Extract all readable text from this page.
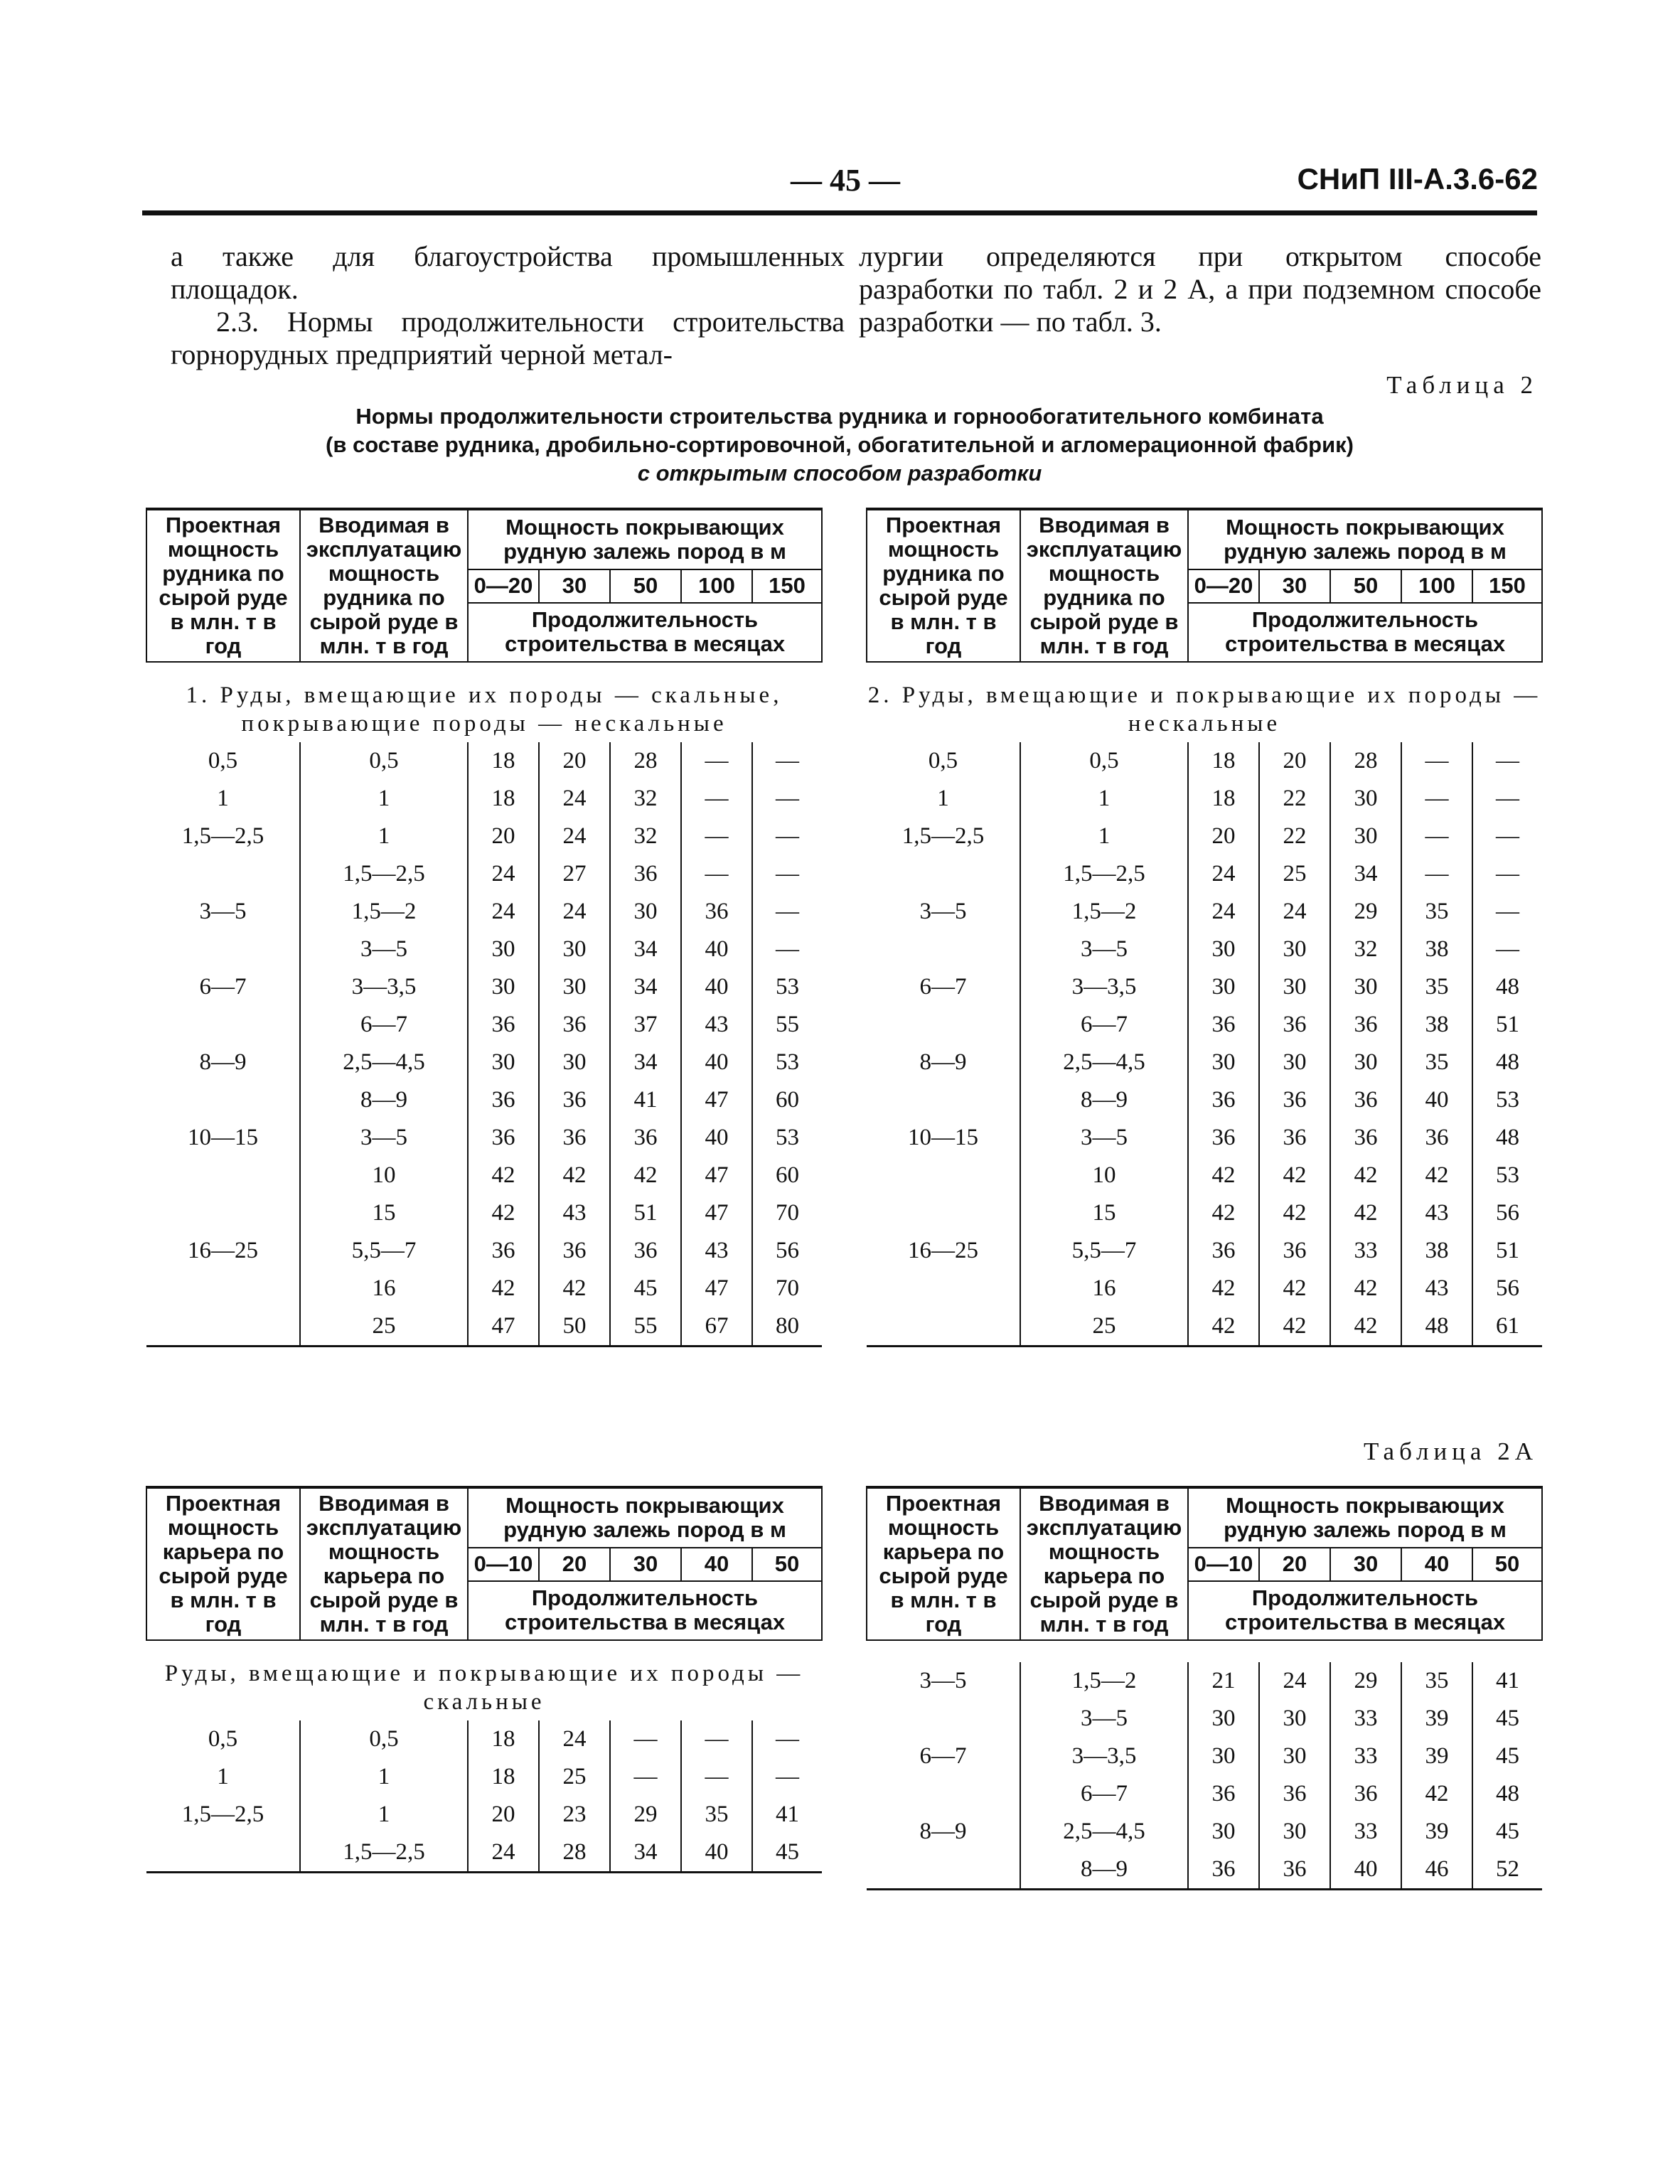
— 45 —	СНиП III-А.3.6-62

а также для благоустройства промышленных площадок.

2.3. Нормы продолжительности строительства горнорудных предприятий черной метал-

лургии определяются при открытом способе разработки по табл. 2 и 2 А, а при подземном способе разработки — по табл. 3.

Таблица 2
Нормы продолжительности строительства рудника и горнообогатительного комбината
(в составе рудника, дробильно-сортировочной, обогатительной и агломерационной фабрик)
с открытым способом разработки
Проектная мощность рудника по сырой руде в млн. т в год	Вводимая в эксплуатацию мощность рудника по сырой руде в млн. т в год	Мощность покрывающих рудную залежь пород в м				
		0—20	30	50	100	150
		Продолжительность строительства в месяцах				
1. Руды, вмещающие их породы — скальные, покрывающие породы — нескальные						
0,5	0,5	18	20	28	—	—
1	1	18	24	32	—	—
1,5—2,5	1	20	24	32	—	—
	1,5—2,5	24	27	36	—	—
3—5	1,5—2	24	24	30	36	—
	3—5	30	30	34	40	—
6—7	3—3,5	30	30	34	40	53
	6—7	36	36	37	43	55
8—9	2,5—4,5	30	30	34	40	53
	8—9	36	36	41	47	60
10—15	3—5	36	36	36	40	53
	10	42	42	42	47	60
	15	42	43	51	47	70
16—25	5,5—7	36	36	36	43	56
	16	42	42	45	47	70
	25	47	50	55	67	80
Проектная мощность рудника по сырой руде в млн. т в год	Вводимая в эксплуатацию мощность рудника по сырой руде в млн. т в год	Мощность покрывающих рудную залежь пород в м				
		0—20	30	50	100	150
		Продолжительность строительства в месяцах				
2. Руды, вмещающие и покрывающие их породы — нескальные						
0,5	0,5	18	20	28	—	—
1	1	18	22	30	—	—
1,5—2,5	1	20	22	30	—	—
	1,5—2,5	24	25	34	—	—
3—5	1,5—2	24	24	29	35	—
	3—5	30	30	32	38	—
6—7	3—3,5	30	30	30	35	48
	6—7	36	36	36	38	51
8—9	2,5—4,5	30	30	30	35	48
	8—9	36	36	36	40	53
10—15	3—5	36	36	36	36	48
	10	42	42	42	42	53
	15	42	42	42	43	56
16—25	5,5—7	36	36	33	38	51
	16	42	42	42	43	56
	25	42	42	42	48	61
Таблица 2А
Проектная мощность карьера по сырой руде в млн. т в год	Вводимая в эксплуатацию мощность карьера по сырой руде в млн. т в год	Мощность покрывающих рудную залежь пород в м				
		0—10	20	30	40	50
		Продолжительность строительства в месяцах				
Руды, вмещающие и покрывающие их породы — скальные						
0,5	0,5	18	24	—	—	—
1	1	18	25	—	—	—
1,5—2,5	1	20	23	29	35	41
	1,5—2,5	24	28	34	40	45
Проектная мощность карьера по сырой руде в млн. т в год	Вводимая в эксплуатацию мощность карьера по сырой руде в млн. т в год	Мощность покрывающих рудную залежь пород в м				
		0—10	20	30	40	50
		Продолжительность строительства в месяцах				

3—5	1,5—2	21	24	29	35	41
	3—5	30	30	33	39	45
6—7	3—3,5	30	30	33	39	45
	6—7	36	36	36	42	48
8—9	2,5—4,5	30	30	33	39	45
	8—9	36	36	40	46	52
